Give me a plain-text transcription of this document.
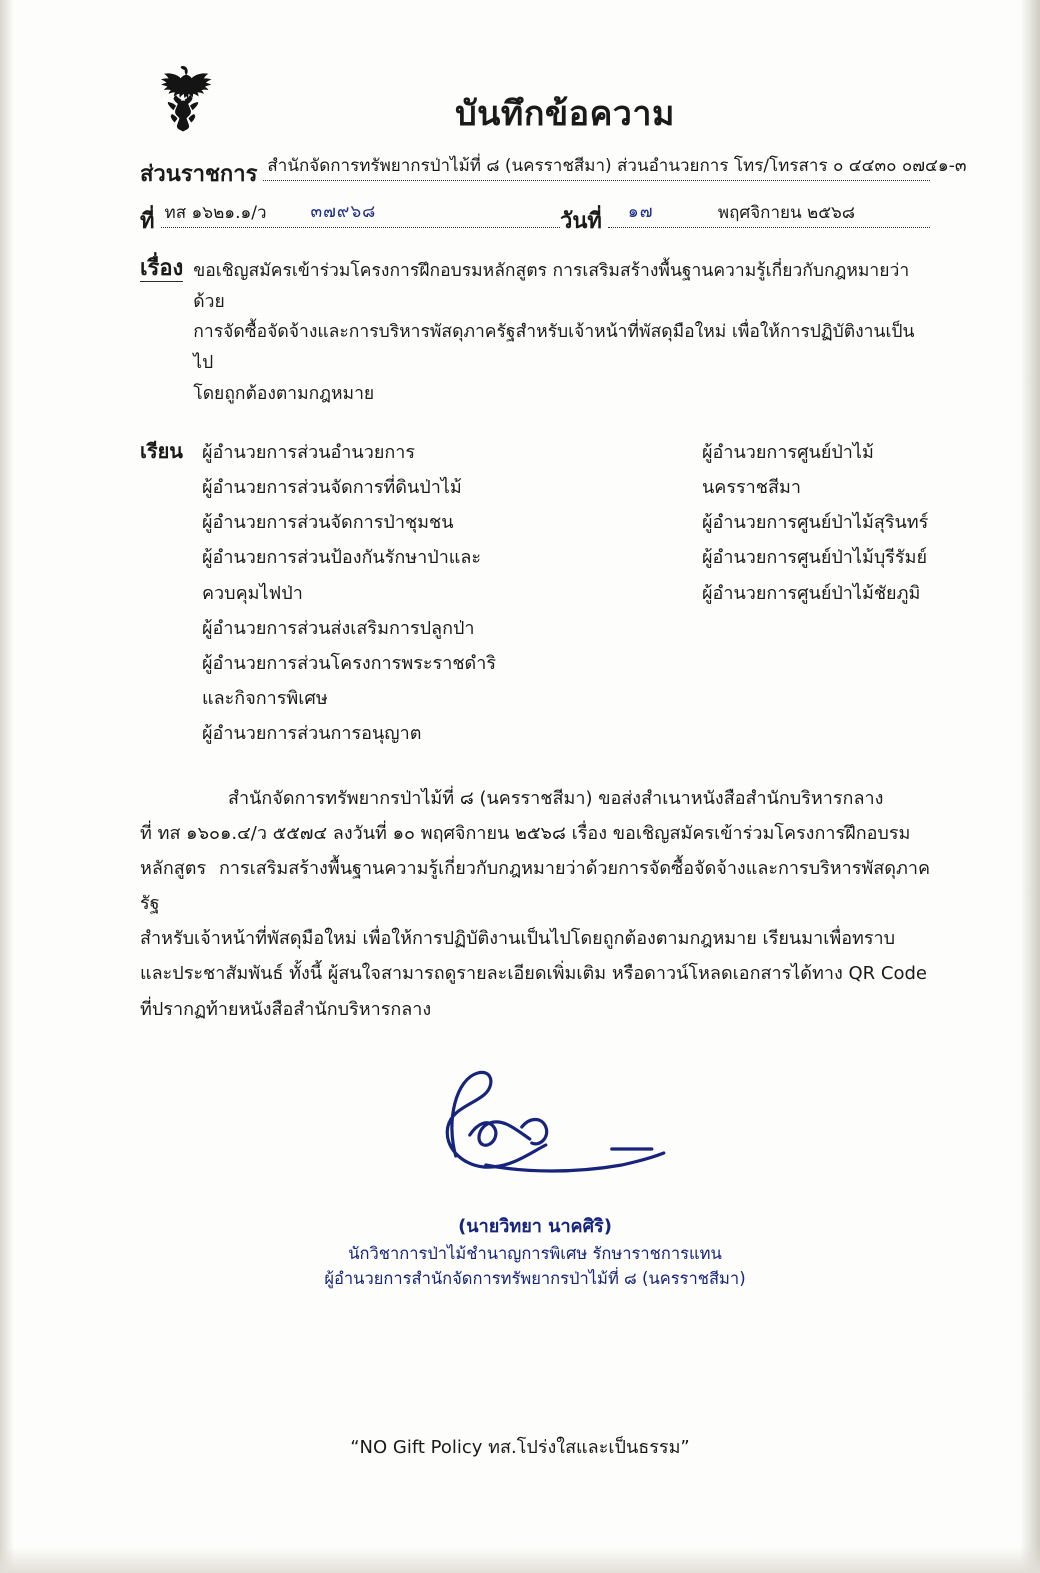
บันทึกข้อความ
ส่วนราชการ สำนักจัดการทรัพยากรป่าไม้ที่ ๘ (นครราชสีมา) ส่วนอำนวยการ โทร/โทรสาร ๐ ๔๔๓๐ ๐๗๔๑-๓
ที่ ทส ๑๖๒๑.๑/ว	๓๗๙๖๘	วันที่ ๑๗	พฤศจิกายน ๒๕๖๘
เรื่อง ขอเชิญสมัครเข้าร่วมโครงการฝึกอบรมหลักสูตร การเสริมสร้างพื้นฐานความรู้เกี่ยวกับกฎหมายว่าด้วย
การจัดซื้อจัดจ้างและการบริหารพัสดุภาครัฐสำหรับเจ้าหน้าที่พัสดุมือใหม่ เพื่อให้การปฏิบัติงานเป็นไป
โดยถูกต้องตามกฎหมาย
เรียน	ผู้อำนวยการส่วนอำนวยการ
ผู้อำนวยการส่วนจัดการที่ดินป่าไม้
ผู้อำนวยการส่วนจัดการป่าชุมชน
ผู้อำนวยการส่วนป้องกันรักษาป่าและควบคุมไฟป่า
ผู้อำนวยการส่วนส่งเสริมการปลูกป่า
ผู้อำนวยการส่วนโครงการพระราชดำริและกิจการพิเศษ
ผู้อำนวยการส่วนการอนุญาต
ผู้อำนวยการศูนย์ป่าไม้นครราชสีมา
ผู้อำนวยการศูนย์ป่าไม้สุรินทร์
ผู้อำนวยการศูนย์ป่าไม้บุรีรัมย์
ผู้อำนวยการศูนย์ป่าไม้ชัยภูมิ
สำนักจัดการทรัพยากรป่าไม้ที่ ๘ (นครราชสีมา) ขอส่งสำเนาหนังสือสำนักบริหารกลาง
ที่ ทส ๑๖๐๑.๔/ว ๕๕๗๔ ลงวันที่ ๑๐ พฤศจิกายน ๒๕๖๘ เรื่อง ขอเชิญสมัครเข้าร่วมโครงการฝึกอบรม
หลักสูตร การเสริมสร้างพื้นฐานความรู้เกี่ยวกับกฎหมายว่าด้วยการจัดซื้อจัดจ้างและการบริหารพัสดุภาครัฐ
สำหรับเจ้าหน้าที่พัสดุมือใหม่ เพื่อให้การปฏิบัติงานเป็นไปโดยถูกต้องตามกฎหมาย เรียนมาเพื่อทราบ
และประชาสัมพันธ์ ทั้งนี้ ผู้สนใจสามารถดูรายละเอียดเพิ่มเติม หรือดาวน์โหลดเอกสารได้ทาง QR Code
ที่ปรากฏท้ายหนังสือสำนักบริหารกลาง
(นายวิทยา นาคศิริ)
นักวิชาการป่าไม้ชำนาญการพิเศษ รักษาราชการแทน
ผู้อำนวยการสำนักจัดการทรัพยากรป่าไม้ที่ ๘ (นครราชสีมา)
“NO Gift Policy ทส.โปร่งใสและเป็นธรรม”
